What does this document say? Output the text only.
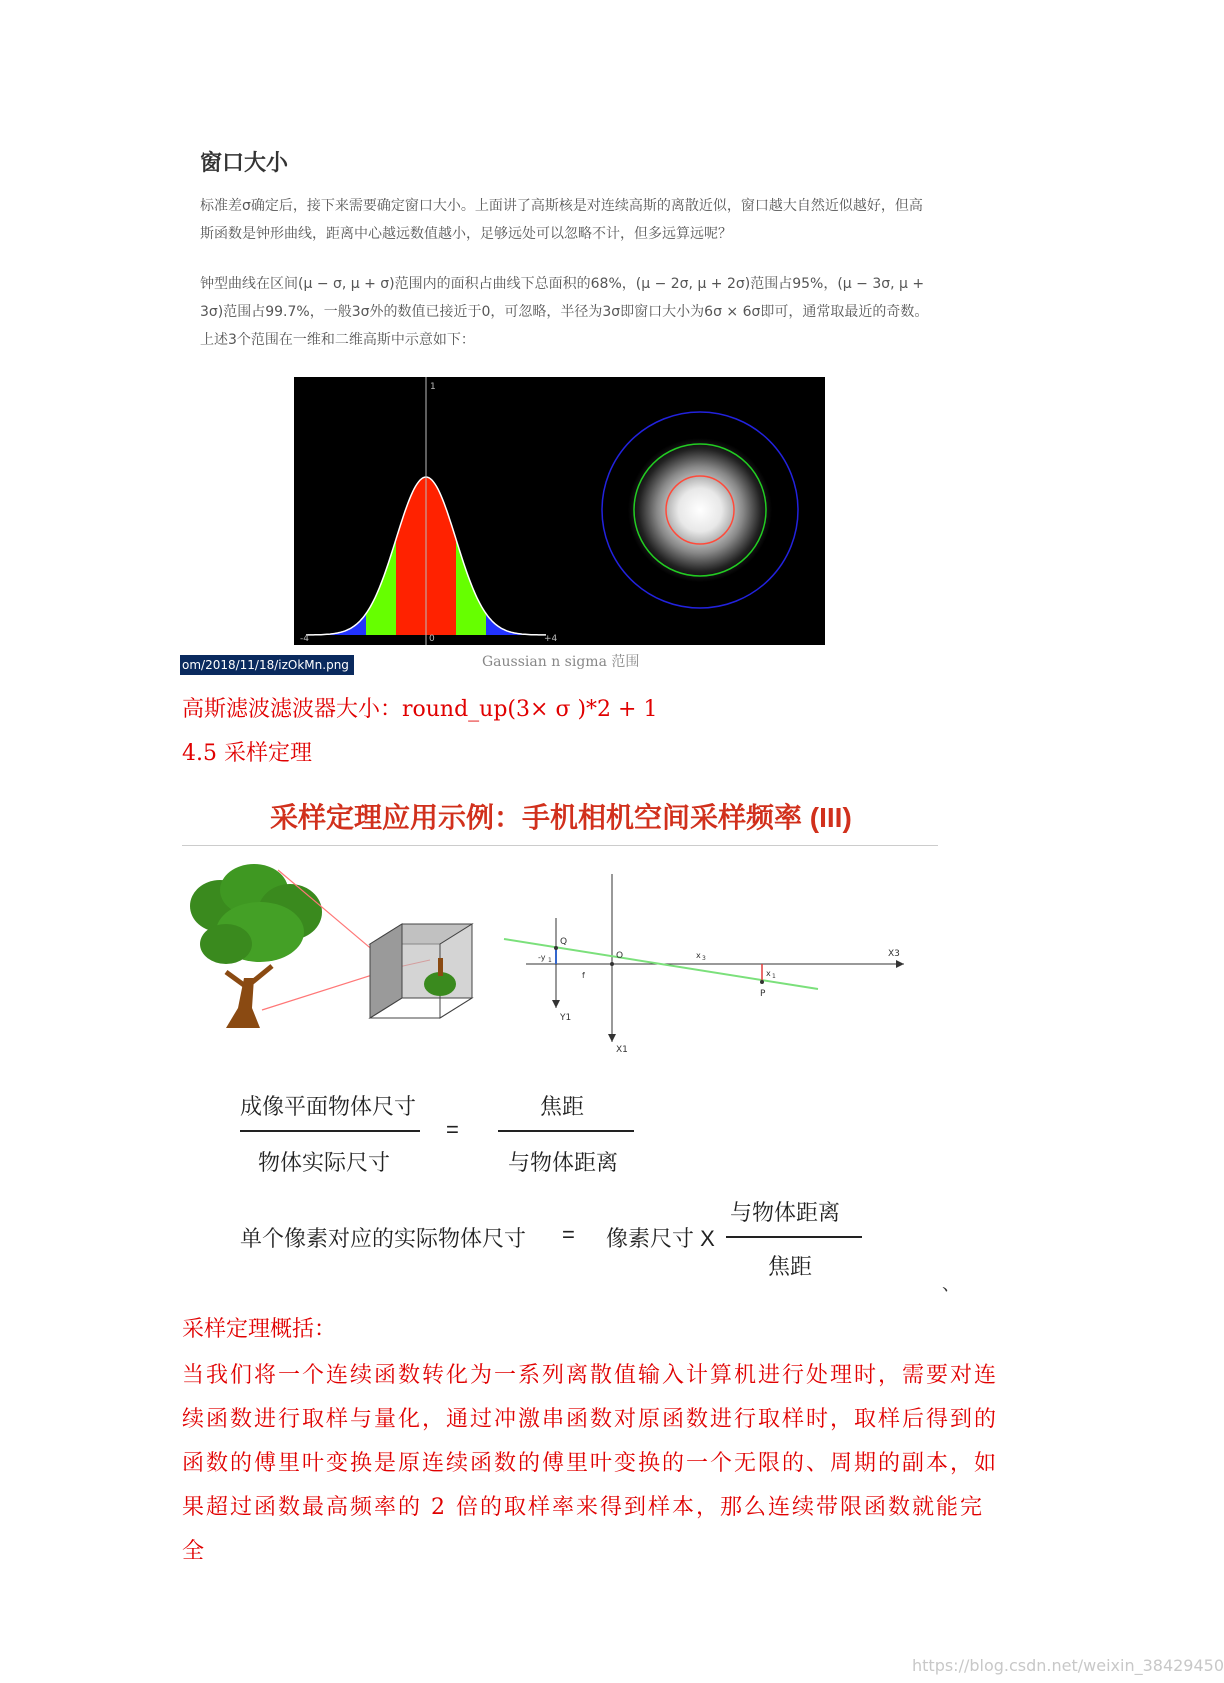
窗口大小
标准差σ确定后，接下来需要确定窗口大小。上面讲了高斯核是对连续高斯的离散近似，窗口越大自然近似越好，但高斯函数是钟形曲线，距离中心越远数值越小，足够远处可以忽略不计，但多远算远呢？
钟型曲线在区间(μ − σ, μ + σ)范围内的面积占曲线下总面积的68%，(μ − 2σ, μ + 2σ)范围占95%，(μ − 3σ, μ + 3σ)范围占99.7%，一般3σ外的数值已接近于0，可忽略，半径为3σ即窗口大小为6σ × 6σ即可，通常取最近的奇数。上述3个范围在一维和二维高斯中示意如下：
1
-4	0	+4
om/2018/11/18/izOkMn.png	Gaussian n sigma 范围
高斯滤波滤波器大小：round_up(3× σ )*2 + 1
4.5 采样定理
采样定理应用示例：手机相机空间采样频率 (III)
Q
-y 1	O
f
x 3	X3
x 1
P
Y1
X1
成像平面物体尺寸
物体实际尺寸
=
焦距
与物体距离
单个像素对应的实际物体尺寸 = 像素尺寸 X
与物体距离
焦距
、
采样定理概括：
当我们将一个连续函数转化为一系列离散值输入计算机进行处理时，需要对连续函数进行取样与量化，通过冲激串函数对原函数进行取样时，取样后得到的函数的傅里叶变换是原连续函数的傅里叶变换的一个无限的、周期的副本，如果超过函数最高频率的 2 倍的取样率来得到样本，那么连续带限函数就能完全
https://blog.csdn.net/weixin_38429450
